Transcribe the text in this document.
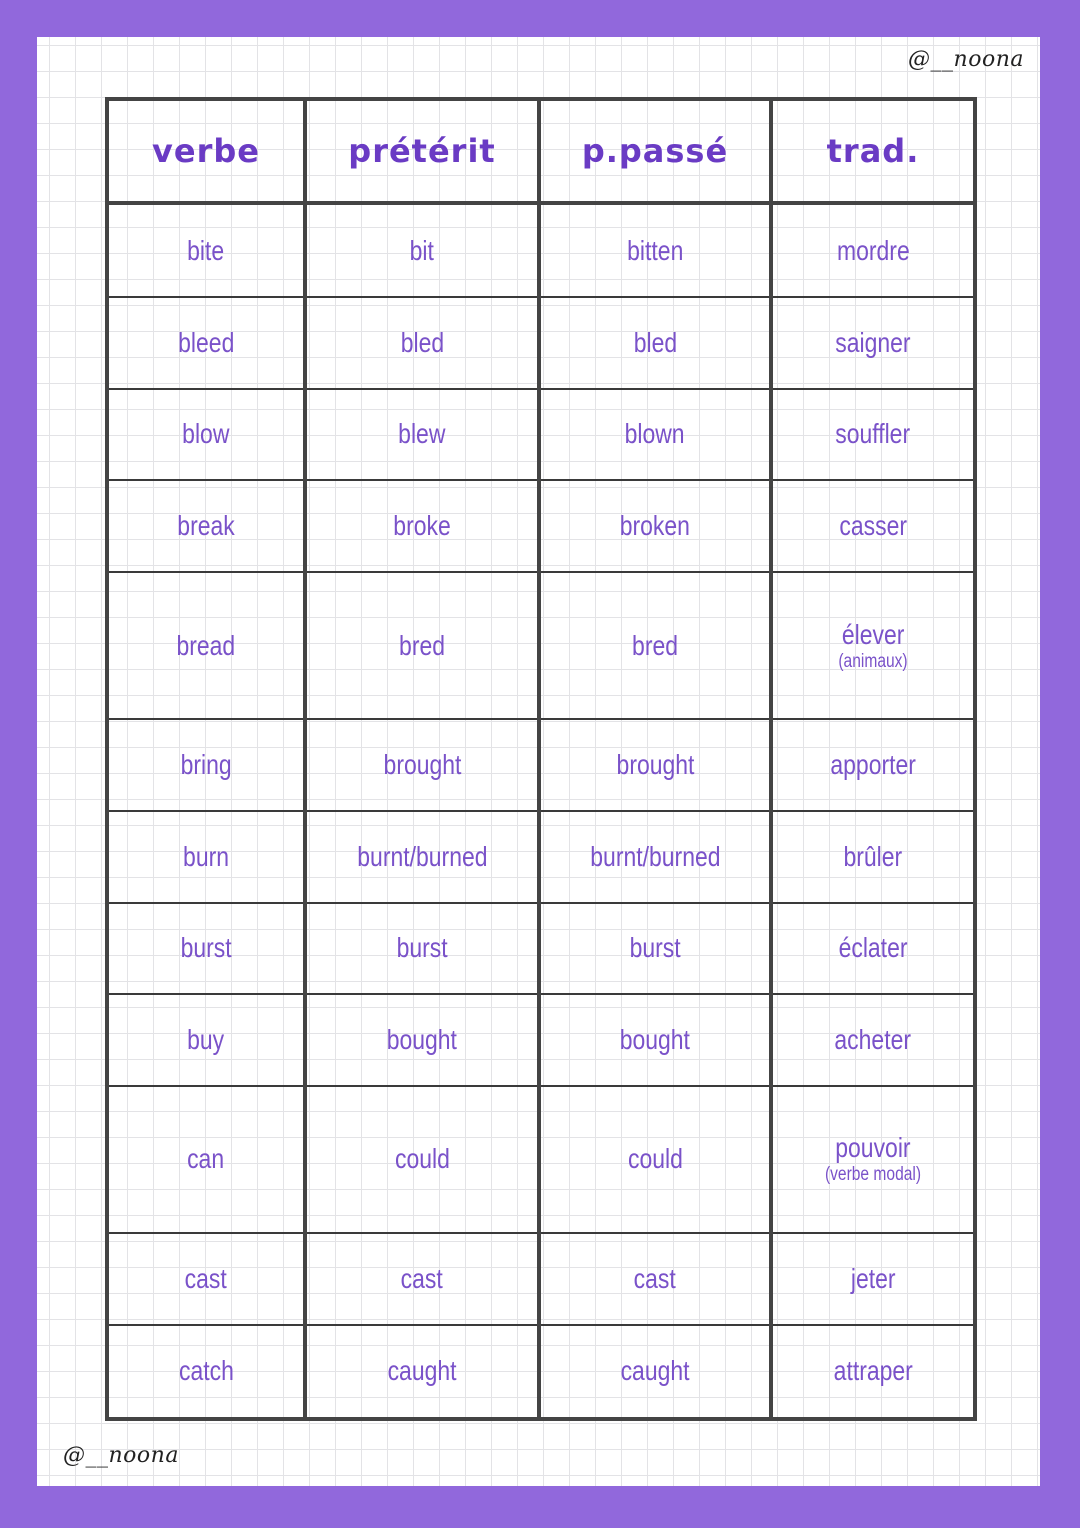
@__noona
verbe	prétérit	p.passé	trad.
bite	bit	bitten	mordre
bleed	bled	bled	saigner
blow	blew	blown	souffler
break	broke	broken	casser
bread	bred	bred	élever
(animaux)

bring	brought	brought	apporter
burn	burnt/burned	burnt/burned	brûler
burst	burst	burst	éclater
buy	bought	bought	acheter
can	could	could	pouvoir
(verbe modal)

cast	cast	cast	jeter
catch	caught	caught	attraper
@__noona
